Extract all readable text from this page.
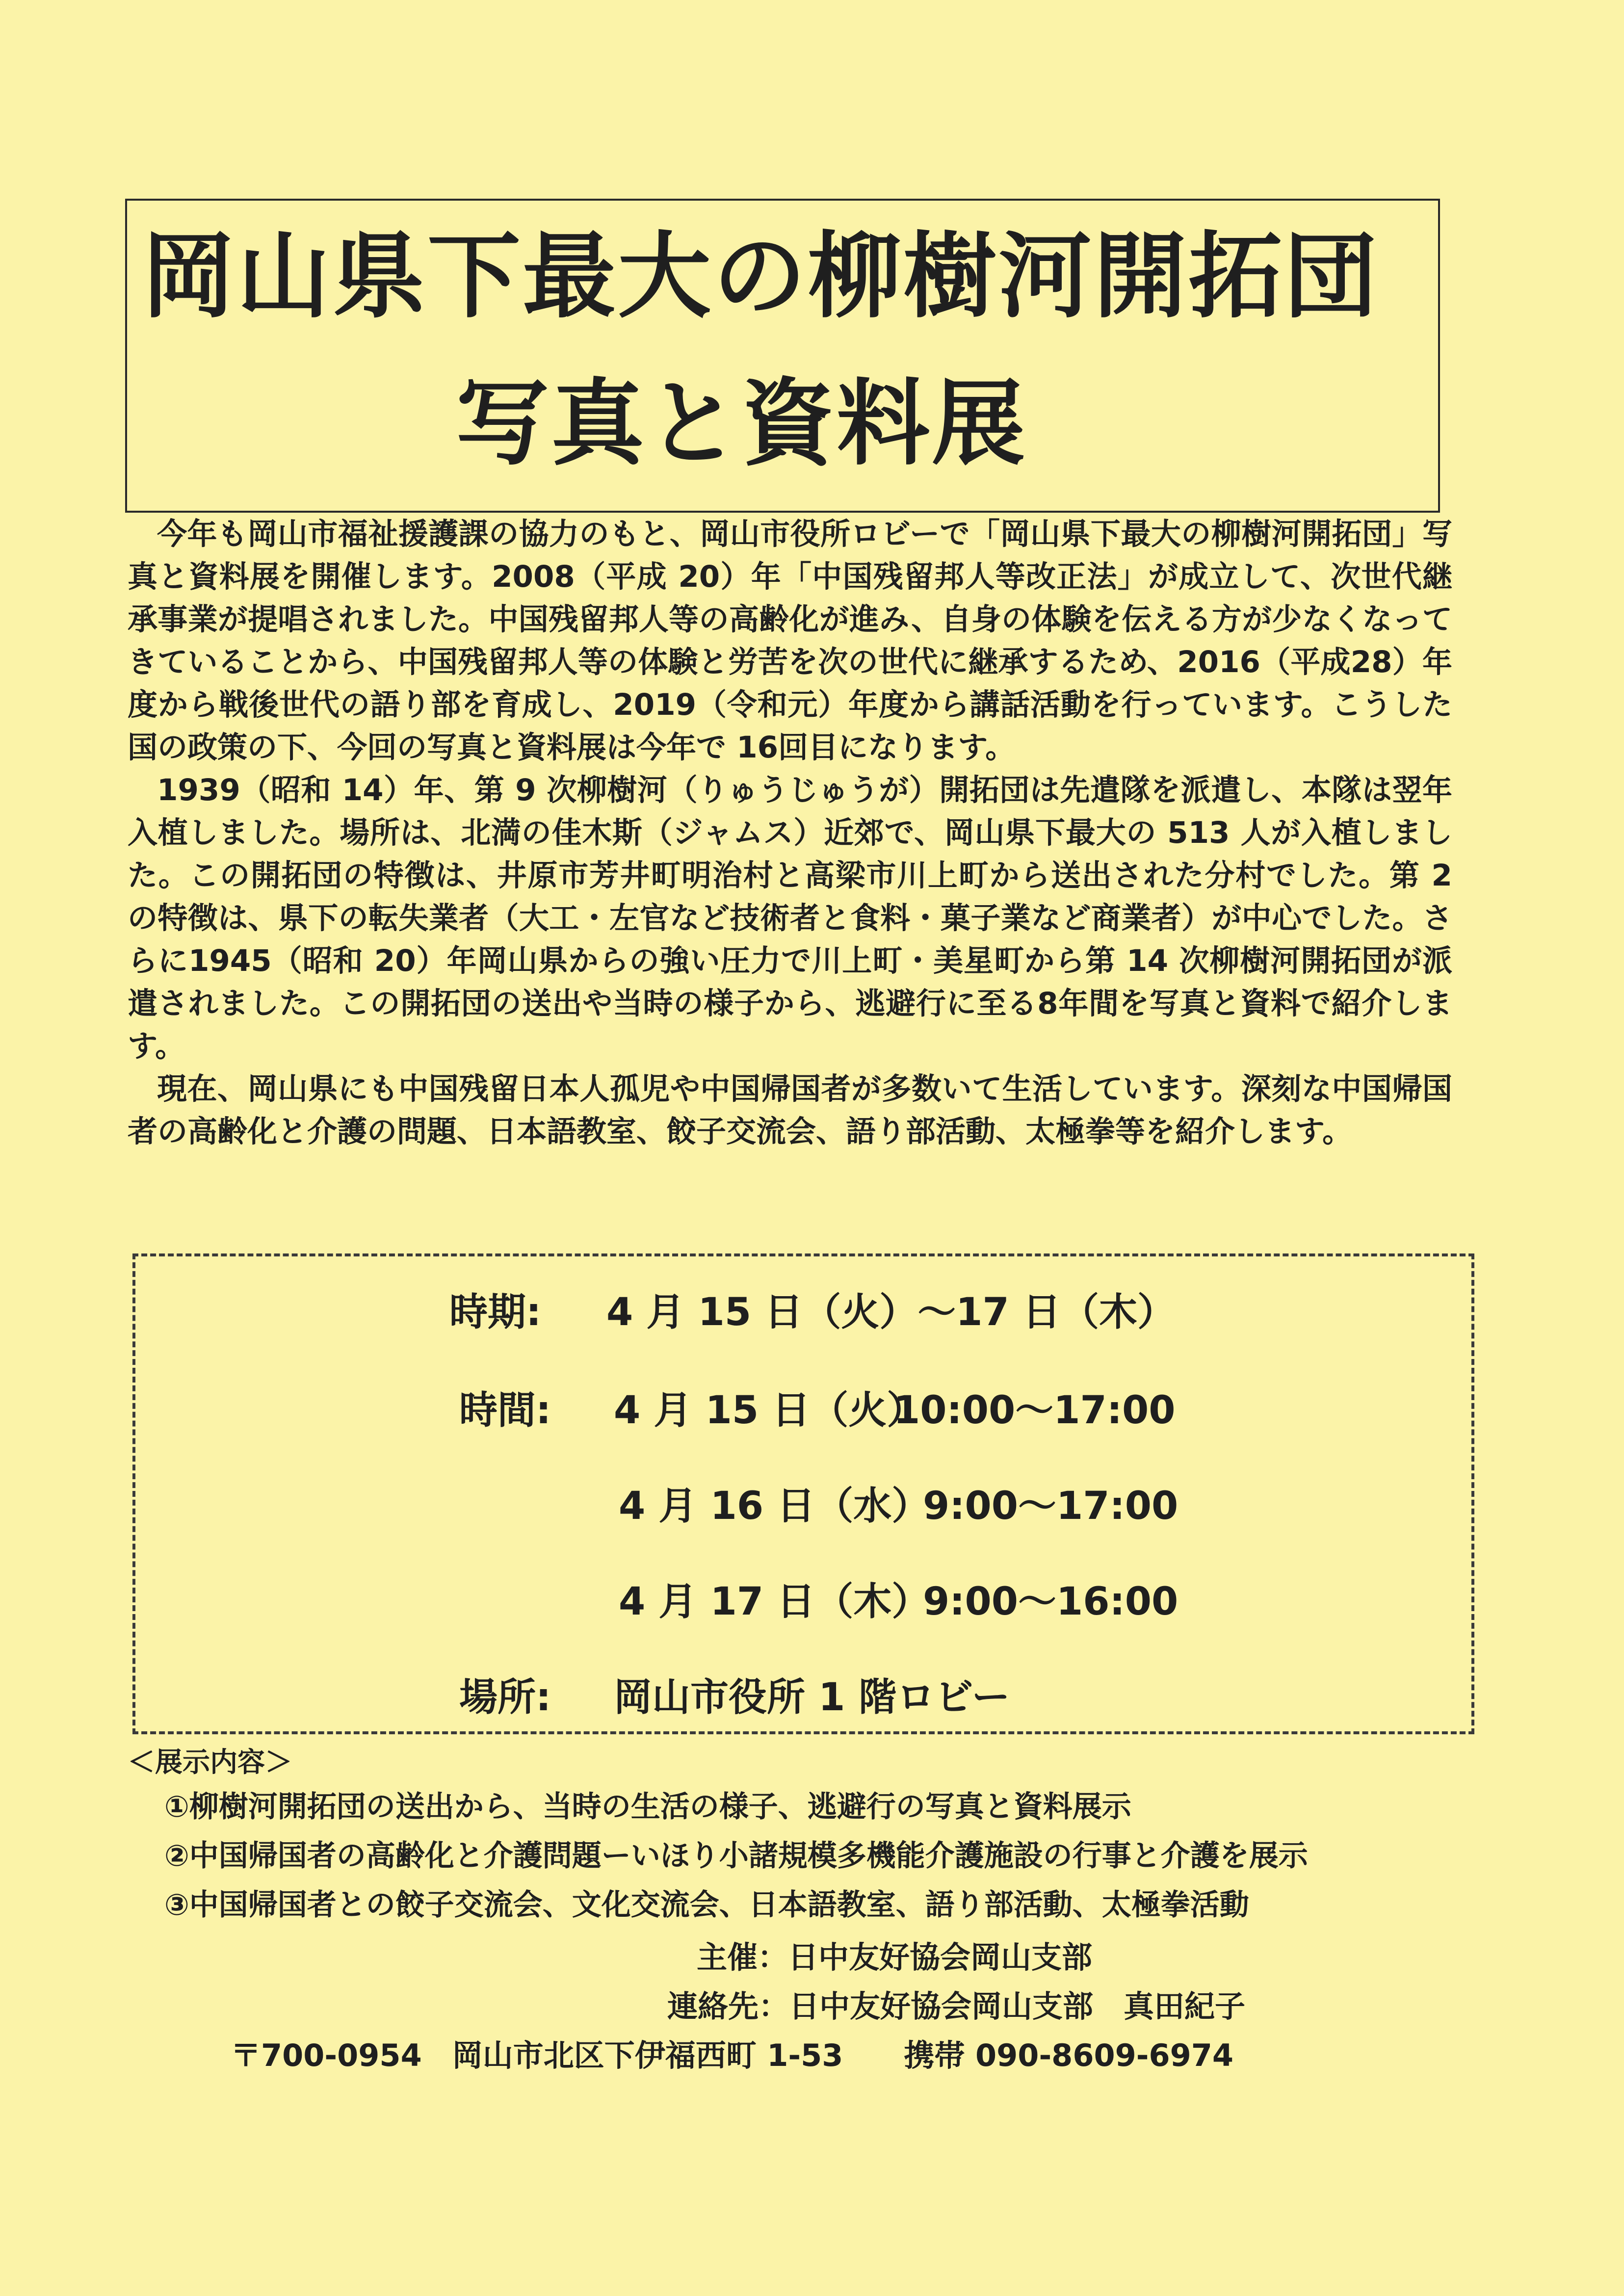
岡山県下最大の柳樹河開拓団
写真と資料展

今年も岡山市福祉援護課の協力のもと、岡山市役所ロビーで「岡山県下最大の柳樹河開拓団」写真と資料展を開催します。2008（平成 20）年「中国残留邦人等改正法」が成立して、次世代継承事業が提唱されました。中国残留邦人等の高齢化が進み、自身の体験を伝える方が少なくなってきていることから、中国残留邦人等の体験と労苦を次の世代に継承するため、2016（平成28）年度から戦後世代の語り部を育成し、2019（令和元）年度から講話活動を行っています。こうした国の政策の下、今回の写真と資料展は今年で 16回目になります。

1939（昭和 14）年、第 9 次柳樹河（りゅうじゅうが）開拓団は先遣隊を派遣し、本隊は翌年入植しました。場所は、北満の佳木斯（ジャムス）近郊で、岡山県下最大の 513 人が入植しました。この開拓団の特徴は、井原市芳井町明治村と高梁市川上町から送出された分村でした。第 2 の特徴は、県下の転失業者（大工・左官など技術者と食料・菓子業など商業者）が中心でした。さらに1945（昭和 20）年岡山県からの強い圧力で川上町・美星町から第 14 次柳樹河開拓団が派遣されました。この開拓団の送出や当時の様子から、逃避行に至る8年間を写真と資料で紹介します。

現在、岡山県にも中国残留日本人孤児や中国帰国者が多数いて生活しています。深刻な中国帰国者の高齢化と介護の問題、日本語教室、餃子交流会、語り部活動、太極拳等を紹介します。

時期: 4 月 15 日（火）～17 日（木）
時間: 4 月 15 日（火）
10:00～17:00
4 月 16 日（水）
9:00～17:00
4 月 17 日（木）
9:00～16:00
場所: 岡山市役所 1 階ロビー
＜展示内容＞
①柳樹河開拓団の送出から、当時の生活の様子、逃避行の写真と資料展示
②中国帰国者の高齢化と介護問題ーいほり小諸規模多機能介護施設の行事と介護を展示
③中国帰国者との餃子交流会、文化交流会、日本語教室、語り部活動、太極拳活動
主催：日中友好協会岡山支部
連絡先：日中友好協会岡山支部　真田紀子
〒700-0954　岡山市北区下伊福西町 1-53　　携帯 090-8609-6974
